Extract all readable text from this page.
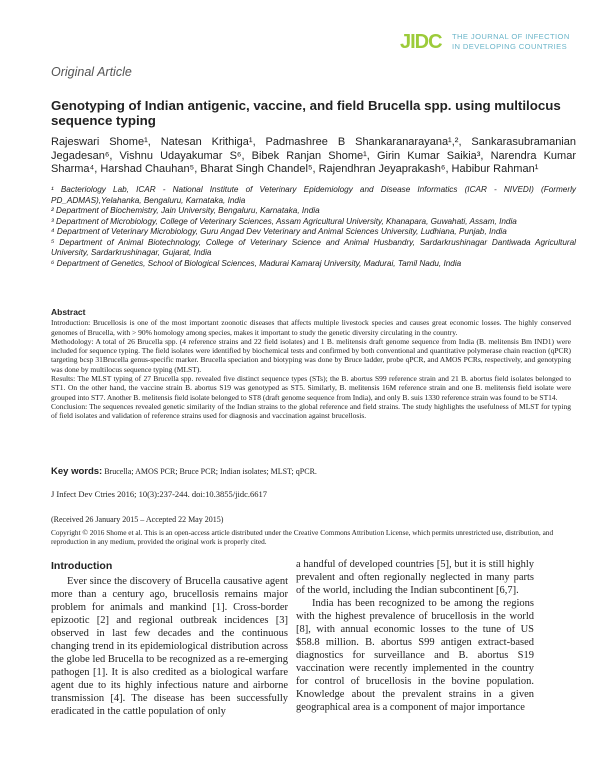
JIDC	THE JOURNAL OF INFECTION
IN DEVELOPING COUNTRIES
Original Article
Genotyping of Indian antigenic, vaccine, and field Brucella spp. using multilocus sequence typing
Rajeswari Shome¹, Natesan Krithiga¹, Padmashree B Shankaranarayana¹,², Sankarasubramanian Jegadesan⁶, Vishnu Udayakumar S⁶, Bibek Ranjan Shome¹, Girin Kumar Saikia³, Narendra Kumar Sharma⁴, Harshad Chauhan⁵, Bharat Singh Chandel⁵, Rajendhran Jeyaprakash⁶, Habibur Rahman¹

¹ Bacteriology Lab, ICAR - National Institute of Veterinary Epidemiology and Disease Informatics (ICAR - NIVEDI) (Formerly PD_ADMAS),Yelahanka, Bengaluru, Karnataka, India

² Department of Biochemistry, Jain University, Bengaluru, Karnataka, India

³ Department of Microbiology, College of Veterinary Sciences, Assam Agricultural University, Khanapara, Guwahati, Assam, India

⁴ Department of Veterinary Microbiology, Guru Angad Dev Veterinary and Animal Sciences University, Ludhiana, Punjab, India

⁵ Department of Animal Biotechnology, College of Veterinary Science and Animal Husbandry, Sardarkrushinagar Dantiwada Agricultural University, Sardarkrushinagar, Gujarat, India

⁶ Department of Genetics, School of Biological Sciences, Madurai Kamaraj University, Madurai, Tamil Nadu, India

Abstract

Introduction: Brucellosis is one of the most important zoonotic diseases that affects multiple livestock species and causes great economic losses. The highly conserved genomes of Brucella, with > 90% homology among species, makes it important to study the genetic diversity circulating in the country.

Methodology: A total of 26 Brucella spp. (4 reference strains and 22 field isolates) and 1 B. melitensis draft genome sequence from India (B. melitensis Bm IND1) were included for sequence typing. The field isolates were identified by biochemical tests and confirmed by both conventional and quantitative polymerase chain reaction (qPCR) targeting bcsp 31Brucella genus-specific marker. Brucella speciation and biotyping was done by Bruce ladder, probe qPCR, and AMOS PCRs, respectively, and genotyping was done by multilocus sequence typing (MLST).

Results: The MLST typing of 27 Brucella spp. revealed five distinct sequence types (STs); the B. abortus S99 reference strain and 21 B. abortus field isolates belonged to ST1. On the other hand, the vaccine strain B. abortus S19 was genotyped as ST5. Similarly, B. melitensis 16M reference strain and one B. melitensis field isolate were grouped into ST7. Another B. melitensis field isolate belonged to ST8 (draft genome sequence from India), and only B. suis 1330 reference strain was found to be ST14.

Conclusion: The sequences revealed genetic similarity of the Indian strains to the global reference and field strains. The study highlights the usefulness of MLST for typing of field isolates and validation of reference strains used for diagnosis and vaccination against brucellosis.

Key words: Brucella; AMOS PCR; Bruce PCR; Indian isolates; MLST; qPCR.
J Infect Dev Ctries 2016; 10(3):237-244. doi:10.3855/jidc.6617
(Received 26 January 2015 – Accepted 22 May 2015)
Copyright © 2016 Shome et al. This is an open-access article distributed under the Creative Commons Attribution License, which permits unrestricted use, distribution, and reproduction in any medium, provided the original work is properly cited.
Introduction

Ever since the discovery of Brucella causative agent more than a century ago, brucellosis remains major problem for animals and mankind [1]. Cross-border epizootic [2] and regional outbreak incidences [3] observed in last few decades and the continuous changing trend in its epidemiological distribution across the globe led Brucella to be recognized as a re-emerging pathogen [1]. It is also credited as a biological warfare agent due to its highly infectious nature and airborne transmission [4]. The disease has been successfully eradicated in the cattle population of only

a handful of developed countries [5], but it is still highly prevalent and often regionally neglected in many parts of the world, including the Indian subcontinent [6,7].

India has been recognized to be among the regions with the highest prevalence of brucellosis in the world [8], with annual economic losses to the tune of US $58.8 million. B. abortus S99 antigen extract-based diagnostics for surveillance and B. abortus S19 vaccination were recently implemented in the country for control of brucellosis in the bovine population. Knowledge about the prevalent strains in a given geographical area is a component of major importance
